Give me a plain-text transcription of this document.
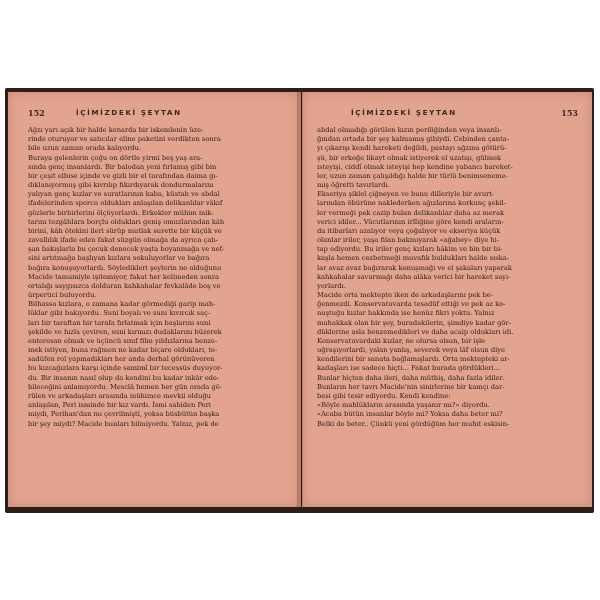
152	İÇİMİZDEKİ ŞEYTAN
Ağzı yarı açık bir halde kenarda bir iskemlenin üze-
rinde oturuyor ve satıcılar eline paketini verdikten sonra
bile uzun zaman orada kalıyordu.
Buraya gelenlerin çoğu on dörtle yirmi beş yaş ara-
sında genç insanlardı. Bir balodan yeni fırlamış gibi bin
bir çeşit elbise içinde ve gizli bir el tarafından daima gı-
dıklanıyormuş gibi kıvrılıp fıkırdıyarak dondurmalarını
yalıyan genç kızlar ve suratlarının kaba, küstah ve abdal
ifadelerinden sporcu oldukları anlaşılan delikanlılar vâkıf
gözlerle birbirlerini ölçüyorlardı. Erkekler mühim mik-
tarını tezgâhlara borçlu oldukları geniş omuzlarından kâh
birini, kâh ötekini ileri sürüp mutlak surette bir küçük ve
zavallılık ifade eden fakat süzgün olmağa da ayrıca çalı-
şan bakışlarla bu çocuk denecek yaşta boyanmağa ve nef-
sini artıtmağa başlıyan kızlara sokuluyorlar ve bağıra
bağıra konuşuyorlardı. Söyledikleri şeylerin ne olduğunu
Macide tamamiyle işitemiyor, fakat her kelimeden sonra
ortalığı saygısızca dolduran kahkahalar fevkalâde boş ve
ürpertici buluyordu.
Bilhassa kızlara, o zamana kadar görmediği garip mah-
lûklar gibi bakıyordu. Suni boyalı ve suni kıvırcık saç-
ları bir taraftan bir tarafa fırlatmak için başlarını suni
şekilde ve hızla çeviren, suni kırmızı dudaklarını büzerek
enteresan olmak ve üçüncü sınıf film yıldızlarına benze-
mek istiyen, buna rağmen ne kadar biçare oldukları, te-
sadüfen rol yapmadıkları her anda derhal görünüveren
bu kızcağızlara karşı içinde samimî bir tecessüs duyuyor-
du. Bir insanın nasıl olup da kendini bu kadar inkâr ede-
bileceğini anlamıyordu. Mesclâ hemen her gün orada gö-
rülen ve arkadaşları arasında mühimce mevkii olduğu
anlaşılan, Peri isminde bir kız vardı. İsmi sahiden Peri
miydi, Perihan'dan mı çevrilmişti, yoksa büsbütün başka
bir şey miydi? Macide bunları bilmiyordu. Yalnız, pek de
İÇİMİZDEKİ ŞEYTAN	153
abdal olmadığı görülen kızın periliğinden veya insanlı-
ğından ortada bir şey kalmamış gibiydi. Cebinden çanta-
yı çıkarışı kendi hareketi değildi, pastayı ağzına götürü-
şü, bir erkeğe likayt olmak istiyerek el uzatışı, gülmek
isteyişi, ciddî olmak isteyişi hep kendine yabancı hareket-
ler, uzun zaman çalışıldığı halde bir türlü benimseneme-
miş öğretti tavırlardı.
Ekseriya şikleî çiğneyen ve bunu dilleriyle bir avurt-
larından öbürüne naklederken ağızlarına korkunç şekil-
ler vermeği pek cazip bulan delikanlılar daha az merak
verici idiler... Vücutlarının irîliğine göre kendi araların-
da itibarları azalıyor veya çoğalıyor ve ekseriya küçük
olanlar iriler, yaşa filan bakmıyarak «ağabey» diye hi-
tap ediyordu. Bu iriler genç kızları hâkim ve bin bir bi-
kaşla hemen cezbetmeği muvafık buldukları halde sıska-
lar avaz avaz bağırarak konuşmağı ve el şakaları yaparak
kahkahalar savurmağı daha alâka verici bir hareket sayı-
yorlardı.
Macide orta mektepte iken de arkadaşlarını pek be-
ğenmezdi. Konservatuvarda tesadüf ettiği ve pek az ko-
nuştuğu kızlar hakkında ise henüz fikri yoktu. Yalnız
muhakkak olan bir şey, buradakilerin, şimdiye kadar gör-
düklerine asla benzemedikleri ve daha acaip oldukları idi.
Konservatuvardaki kızlar, ne olursa olsun, bir işle
uğraşıyorlardı, yalan yanlış, severek veya lâf olsun diye
kendilerini bir sanata bağlamışlardı. Orta mektepteki ar-
kadaşları ise sadece hiçti... Fakat burada gördükleri...
Bunlar hiçten daha ileri, daha müthiş, daha fazla idiler.
Bunların her tavrı Macide'nin sinirlerine bir kamçı dar-
besi gibi tesir ediyordu. Kendi kendine:
«Böyle mahlûkların arasında yaşanır mı?» diyordu.
«Acaba bütün insanlar böyle mi? Yoksa daha beter mi?
Belki de beter.. Çünkü yeni gördüğüm her muhit eskisin-
